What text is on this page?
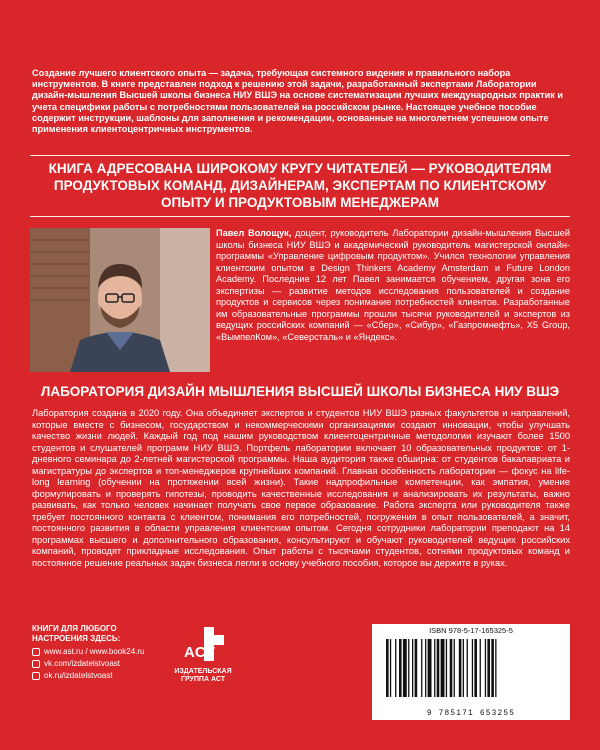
Создание лучшего клиентского опыта — задача, требующая системного видения и правильного набора инструментов. В книге представлен подход к решению этой задачи, разработанный экспертами Лаборатории дизайн-мышления Высшей школы бизнеса НИУ ВШЭ на основе систематизации лучших международных практик и учета специфики работы с потребностями пользователей на российском рынке. Настоящее учебное пособие содержит инструкции, шаблоны для заполнения и рекомендации, основанные на многолетнем успешном опыте применения клиентоцентричных инструментов.
КНИГА АДРЕСОВАНА ШИРОКОМУ КРУГУ ЧИТАТЕЛЕЙ — РУКОВОДИТЕЛЯМ ПРОДУКТОВЫХ КОМАНД, ДИЗАЙНЕРАМ, ЭКСПЕРТАМ ПО КЛИЕНТСКОМУ ОПЫТУ И ПРОДУКТОВЫМ МЕНЕДЖЕРАМ
Павел Волощук, доцент, руководитель Лаборатории дизайн-мышления Высшей школы бизнеса НИУ ВШЭ и академический руководитель магистерской онлайн-программы «Управление цифровым продуктом». Учился технологии управления клиентским опытом в Design Thinkers Academy Amsterdam и Future London Academy. Последние 12 лет Павел занимается обучением, другая зона его экспертизы — развитие методов исследования пользователей и создание продуктов и сервисов через понимание потребностей клиентов. Разработанные им образовательные программы прошли тысячи руководителей и экспертов из ведущих российских компаний — «Сбер», «Сибур», «Газпромнефть», X5 Group, «ВымпелКом», «Северсталь» и «Яндекс».
ЛАБОРАТОРИЯ ДИЗАЙН МЫШЛЕНИЯ ВЫСШЕЙ ШКОЛЫ БИЗНЕСА НИУ ВШЭ
Лаборатория создана в 2020 году. Она объединяет экспертов и студентов НИУ ВШЭ разных факультетов и направлений, которые вместе с бизнесом, государством и некоммерческими организациями создают инновации, чтобы улучшать качество жизни людей. Каждый год под нашим руководством клиентоцентричные методологии изучают более 1500 студентов и слушателей программ НИУ ВШЭ. Портфель лаборатории включает 10 образовательных продуктов: от 1-дневного семинара до 2-летней магистерской программы. Наша аудитория также обширна: от студентов бакалавриата и магистратуры до экспертов и топ-менеджеров крупнейших компаний. Главная особенность лаборатории — фокус на life-long learning (обучении на протяжении всей жизни). Такие надпрофильные компетенции, как эмпатия, умение формулировать и проверять гипотезы, проводить качественные исследования и анализировать их результаты, важно развивать, как только человек начинает получать свое первое образование. Работа эксперта или руководителя также требует постоянного контакта с клиентом, понимания его потребностей, погружения в опыт пользователей, а значит, постоянного развития в области управления клиентским опытом. Сегодня сотрудники лаборатории преподают на 14 программах высшего и дополнительного образования, консультируют и обучают руководителей ведущих российских компаний, проводят прикладные исследования. Опыт работы с тысячами студентов, сотнями продуктовых команд и постоянное решение реальных задач бизнеса легли в основу учебного пособия, которое вы держите в руках.
КНИГИ ДЛЯ ЛЮБОГО НАСТРОЕНИЯ ЗДЕСЬ:
www.ast.ru / www.book24.ru
vk.com/izdatelstvoast
ok.ru/izdatelstvoast
ACT
ИЗДАТЕЛЬСКАЯ
ГРУППА АСТ
ISBN 978-5-17-165325-5
9 785171 653255
